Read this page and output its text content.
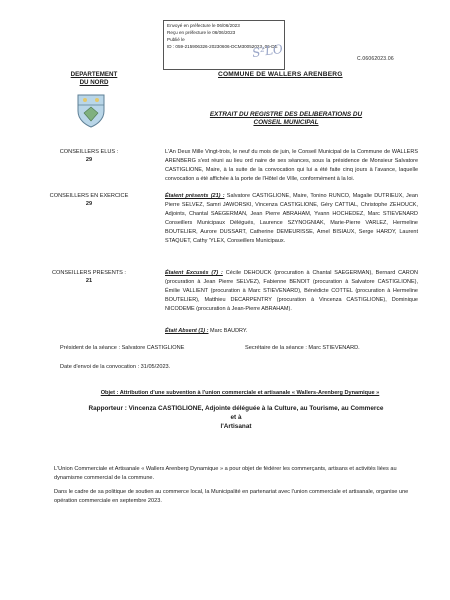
Envoyé en préfecture le 06/06/2023
Reçu en préfecture le 06/06/2023
Publié le
ID : 059-215906326-20230606-DCM30052023_06-DE
S²LO	C.06062023.06
DEPARTEMENT
DU NORD
COMMUNE DE WALLERS ARENBERG
EXTRAIT DU REGISTRE DES DELIBERATIONS DU
CONSEIL MUNICIPAL
CONSEILLERS ELUS :
29
L'An Deux Mille Vingt-trois, le neuf du mois de juin, le Conseil Municipal de la Commune de WALLERS ARENBERG s'est réuni au lieu ord naire de ses séances, sous la présidence de Monsieur Salvatore CASTIGLIONE, Maire, à la suite de la convocation qui lui a été faite cinq jours à l'avance, laquelle convocation a été affichée à la porte de l'Hôtel de Ville, conformément à la loi.
CONSEILLERS EN EXERCICE
29
Étaient présents (21) : Salvatore CASTIGLIONE, Maire, Tonino RUNCO, Magalie DUTRIEUX, Jean Pierre SELVEZ, Samri JAWORSKI, Vincenza CASTIGLIONE, Géry CATTIAL, Christophe ZEHOUCK, Adjoints, Chantal SAEGERMAN, Jean Pierre ABRAHAM, Yvann HOCHEDEZ, Marc STIEVENARD Conseillers Municipaux Délégués, Laurence SZYNOGNIAK, Marie-Pierre VARLEZ, Hermeline BOUTELIER, Aurore DUSSART, Catherine DEMEURISSE, Arnel BISIAUX, Serge HARDY, Laurent STAQUET, Cathy 'YLEX, Conseillers Municipaux.
CONSEILLERS PRESENTS :
21
Étaient Excusés (7) : Cécile DEHOUCK (procuration à Chantal SAEGERMAN), Bernard CARON (procuration à Jean Pierre SELVEZ), Fabienne BENOIT (procuration à Salvatore CASTIGLIONE), Émilie VALLIENT (procuration à Marc STIEVENARD), Bénédicte COTTEL (procuration à Hermeline BOUTELIER), Matthieu DECARPENTRY (procuration à Vincenza CASTIGLIONE), Dominique NICODEME (procuration à Jean-Pierre ABRAHAM).
Était Absent (1) : Marc BAUDRY.
Président de la séance : Salvatore CASTIGLIONE	Secrétaire de la séance : Marc STIEVENARD.
Date d'envoi de la convocation : 31/05/2023.
Objet : Attribution d'une subvention à l'union commerciale et artisanale « Wallers-Arenberg Dynamique »
Rapporteur : Vincenza CASTIGLIONE, Adjointe déléguée à la Culture, au Tourisme, au Commerce et à
l'Artisanat
L'Union Commerciale et Artisanale « Wallers Arenberg Dynamique » a pour objet de fédérer les commerçants, artisans et activités liées au dynamisme commercial de la commune.
Dans le cadre de sa politique de soutien au commerce local, la Municipalité en partenariat avec l'union commerciale et artisanale, organise une opération commerciale en septembre 2023.
